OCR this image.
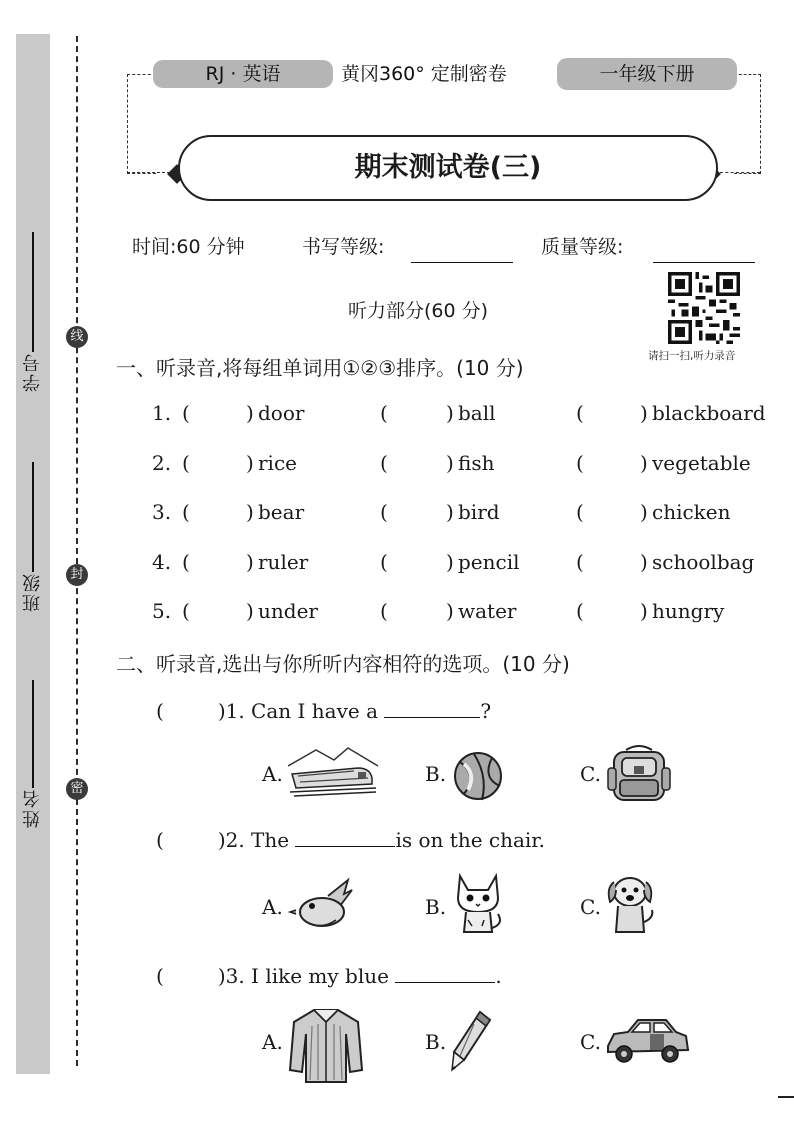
线
封
密
学号
班级
姓名
RJ · 英语	黄冈360° 定制密卷	一年级下册
期末测试卷(三)
时间:60 分钟	书写等级:	质量等级:
请扫一扫,听力录音
听力部分(60 分)
一、听录音,将每组单词用①②③排序。(10 分)
1. (	) door	(	) ball	(	) blackboard
2. (	) rice	(	) fish	(	) vegetable
3. (	) bear	(	) bird	(	) chicken
4. (	) ruler	(	) pencil	(	) schoolbag
5. (	) under	(	) water	(	) hungry
二、听录音,选出与你所听内容相符的选项。(10 分)
(	)1. Can I have a	?
A.	B.	C.
(	)2. The	is on the chair.
A.	B.	C.
(	)3. I like my blue	.
A.	B.	C.
